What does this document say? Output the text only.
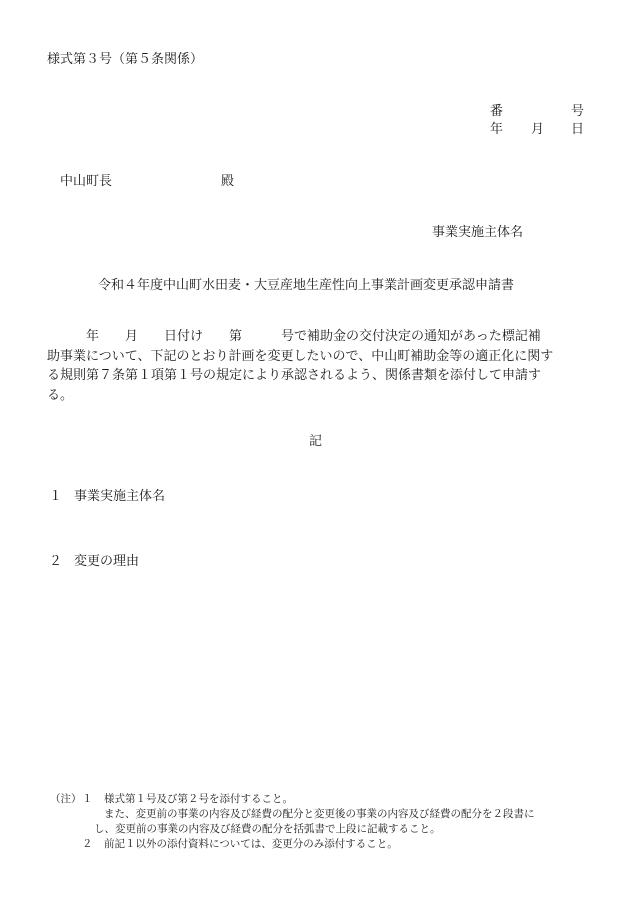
様式第３号（第５条関係）
番	号
年 月 日
中山町長	殿
事業実施主体名
令和４年度中山町水田麦・大豆産地生産性向上事業計画変更承認申請書
　　　年　　月　　日付け　　第　　　号で補助金の交付決定の通知があった標記補
助事業について、下記のとおり計画を変更したいので、中山町補助金等の適正化に関す
る規則第７条第１項第１号の規定により承認されるよう、関係書類を添付して申請す
る。
記
１ 事業実施主体名
２ 変更の理由
（注） １ 様式第１号及び第２号を添付すること。
また、変更前の事業の内容及び経費の配分と変更後の事業の内容及び経費の配分を２段書に
し、変更前の事業の内容及び経費の配分を括弧書で上段に記載すること。
２ 前記１以外の添付資料については、変更分のみ添付すること。
